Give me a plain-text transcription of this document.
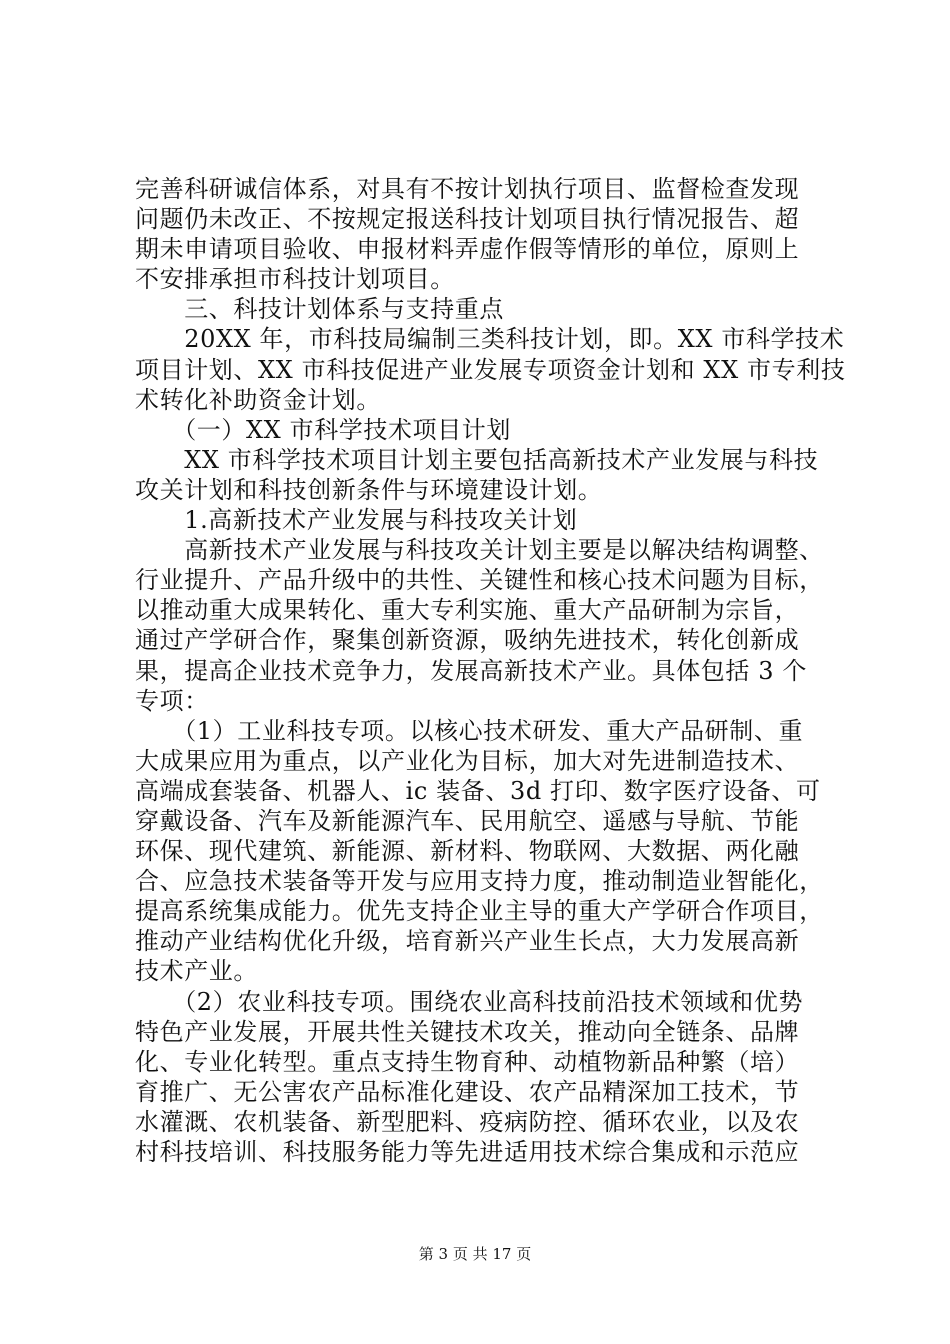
完善科研诚信体系，对具有不按计划执行项目、监督检查发现
问题仍未改正、不按规定报送科技计划项目执行情况报告、超
期未申请项目验收、申报材料弄虚作假等情形的单位，原则上
不安排承担市科技计划项目。
　　三、科技计划体系与支持重点
　　20XX 年，市科技局编制三类科技计划，即。XX 市科学技术
项目计划、XX 市科技促进产业发展专项资金计划和 XX 市专利技
术转化补助资金计划。
　　（一）XX 市科学技术项目计划
　　XX 市科学技术项目计划主要包括高新技术产业发展与科技
攻关计划和科技创新条件与环境建设计划。
　　1.高新技术产业发展与科技攻关计划
　　高新技术产业发展与科技攻关计划主要是以解决结构调整、
行业提升、产品升级中的共性、关键性和核心技术问题为目标，
以推动重大成果转化、重大专利实施、重大产品研制为宗旨，
通过产学研合作，聚集创新资源，吸纳先进技术，转化创新成
果，提高企业技术竞争力，发展高新技术产业。具体包括 3 个
专项：
　　（1）工业科技专项。以核心技术研发、重大产品研制、重
大成果应用为重点，以产业化为目标，加大对先进制造技术、
高端成套装备、机器人、ic 装备、3d 打印、数字医疗设备、可
穿戴设备、汽车及新能源汽车、民用航空、遥感与导航、节能
环保、现代建筑、新能源、新材料、物联网、大数据、两化融
合、应急技术装备等开发与应用支持力度，推动制造业智能化，
提高系统集成能力。优先支持企业主导的重大产学研合作项目，
推动产业结构优化升级，培育新兴产业生长点，大力发展高新
技术产业。
　　（2）农业科技专项。围绕农业高科技前沿技术领域和优势
特色产业发展，开展共性关键技术攻关，推动向全链条、品牌
化、专业化转型。重点支持生物育种、动植物新品种繁（培）
育推广、无公害农产品标准化建设、农产品精深加工技术，节
水灌溉、农机装备、新型肥料、疫病防控、循环农业，以及农
村科技培训、科技服务能力等先进适用技术综合集成和示范应
第 3 页 共 17 页
